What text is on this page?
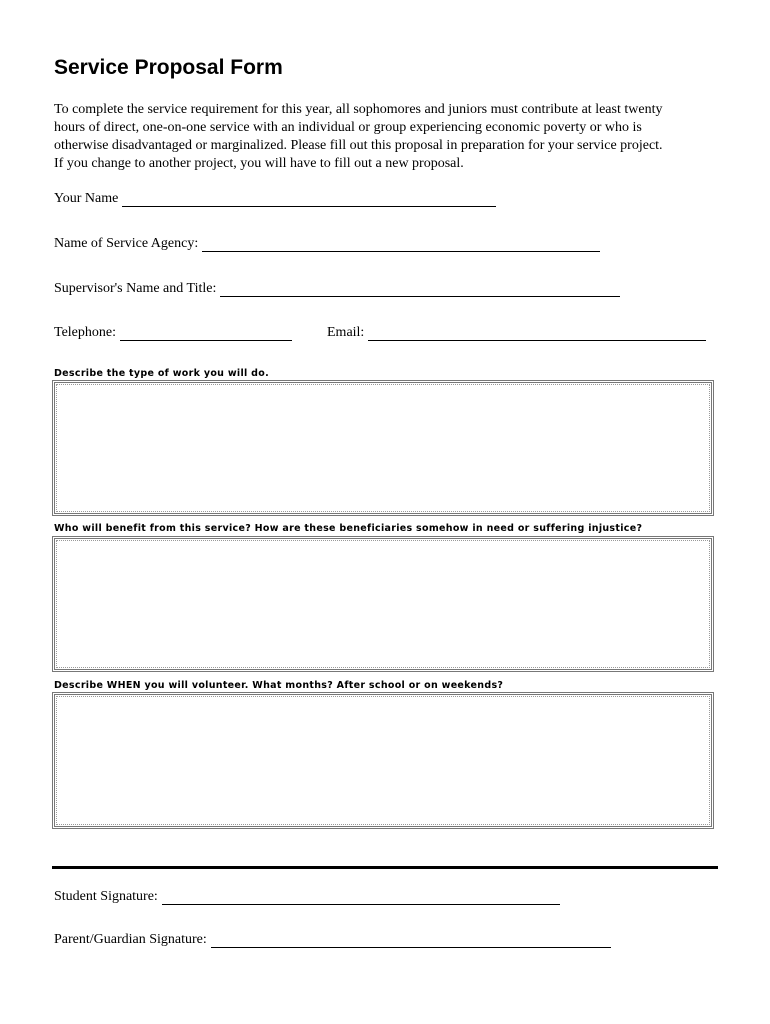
Service Proposal Form
To complete the service requirement for this year, all sophomores and juniors must contribute at least twenty
hours of direct, one-on-one service with an individual or group experiencing economic poverty or who is
otherwise disadvantaged or marginalized. Please fill out this proposal in preparation for your service project.
If you change to another project, you will have to fill out a new proposal.
Your Name
Name of Service Agency:
Supervisor's Name and Title:
Telephone:	Email:
Describe the type of work you will do.
Who will benefit from this service? How are these beneficiaries somehow in need or suffering injustice?
Describe WHEN you will volunteer. What months? After school or on weekends?
Student Signature:
Parent/Guardian Signature:
